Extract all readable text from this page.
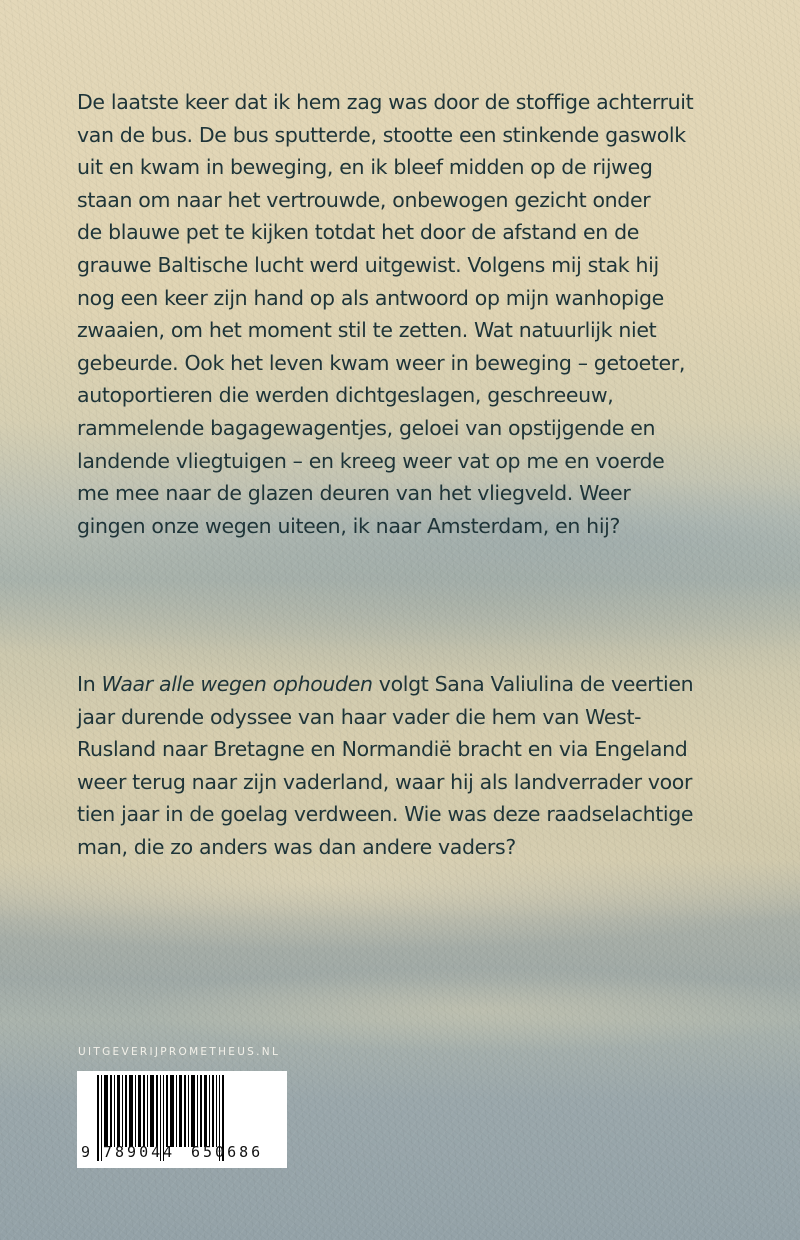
De laatste keer dat ik hem zag was door de stoffige achterruit
van de bus. De bus sputterde, stootte een stinkende gaswolk
uit en kwam in beweging, en ik bleef midden op de rijweg
staan om naar het vertrouwde, onbewogen gezicht onder
de blauwe pet te kijken totdat het door de afstand en de
grauwe Baltische lucht werd uitgewist. Volgens mij stak hij
nog een keer zijn hand op als antwoord op mijn wanhopige
zwaaien, om het moment stil te zetten. Wat natuurlijk niet
gebeurde. Ook het leven kwam weer in beweging – getoeter,
autoportieren die werden dichtgeslagen, geschreeuw,
rammelende bagagewagentjes, geloei van opstijgende en
landende vliegtuigen – en kreeg weer vat op me en voerde
me mee naar de glazen deuren van het vliegveld. Weer
gingen onze wegen uiteen, ik naar Amsterdam, en hij?
In Waar alle wegen ophouden volgt Sana Valiulina de veertien
jaar durende odyssee van haar vader die hem van West-
Rusland naar Bretagne en Normandië bracht en via Engeland
weer terug naar zijn vaderland, waar hij als landverrader voor
tien jaar in de goelag verdween. Wie was deze raadselachtige
man, die zo anders was dan andere vaders?
UITGEVERIJPROMETHEUS.NL
9 789044 650686
